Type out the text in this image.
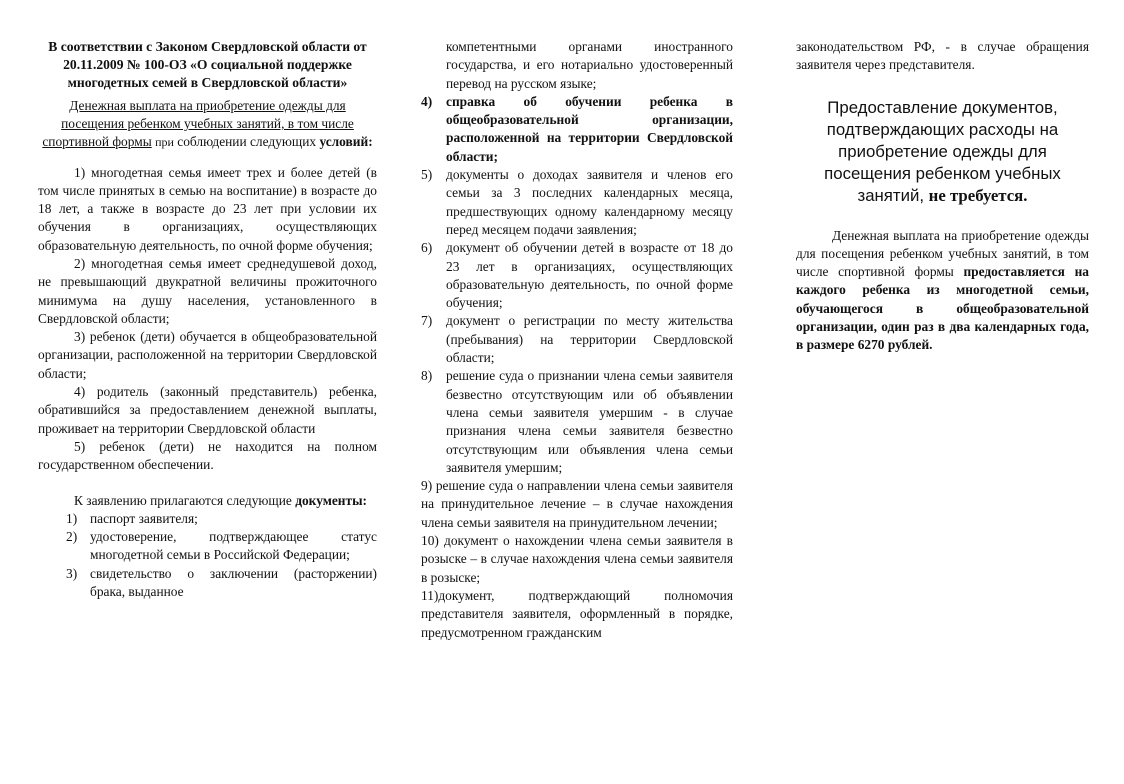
В соответствии с Законом Свердловской области от 20.11.2009 № 100-ОЗ «О социальной поддержке многодетных семей в Свердловской области»

Денежная выплата на приобретение одежды для посещения ребенком учебных занятий, в том числе спортивной формы при соблюдении следующих условий:

1) многодетная семья имеет трех и более детей (в том числе принятых в семью на воспитание) в возрасте до 18 лет, а также в возрасте до 23 лет при условии их обучения в организациях, осуществляющих образовательную деятельность, по очной форме обучения;

2) многодетная семья имеет среднедушевой доход, не превышающий двукратной величины прожиточного минимума на душу населения, установленного в Свердловской области;

3) ребенок (дети) обучается в общеобразовательной организации, расположенной на территории Свердловской области;

4) родитель (законный представитель) ребенка, обратившийся за предоставлением денежной выплаты, проживает на территории Свердловской области

5) ребенок (дети) не находится на полном государственном обеспечении.

К заявлению прилагаются следующие документы:

1) паспорт заявителя;
2) удостоверение, подтверждающее статус многодетной семьи в Российской Федерации;
3) свидетельство о заключении (расторжении) брака, выданное

компетентными органами иностранного государства, и его нотариально удостоверенный перевод на русском языке;

4) справка об обучении ребенка в общеобразовательной организации, расположенной на территории Свердловской области;
5) документы о доходах заявителя и членов его семьи за 3 последних календарных месяца, предшествующих одному календарному месяцу перед месяцем подачи заявления;
6) документ об обучении детей в возрасте от 18 до 23 лет в организациях, осуществляющих образовательную деятельность, по очной форме обучения;
7) документ о регистрации по месту жительства (пребывания) на территории Свердловской области;
8) решение суда о признании члена семьи заявителя безвестно отсутствующим или об объявлении члена семьи заявителя умершим - в случае признания члена семьи заявителя безвестно отсутствующим или объявления члена семьи заявителя умершим;

9) решение суда о направлении члена семьи заявителя на принудительное лечение – в случае нахождения члена семьи заявителя на принудительном лечении;

10) документ о нахождении члена семьи заявителя в розыске – в случае нахождения члена семьи заявителя в розыске;

11)документ, подтверждающий полномочия представителя заявителя, оформленный в порядке, предусмотренном гражданским

законодательством РФ, - в случае обращения заявителя через представителя.

Предоставление документов, подтверждающих расходы на приобретение одежды для посещения ребенком учебных занятий, не требуется.

Денежная выплата на приобретение одежды для посещения ребенком учебных занятий, в том числе спортивной формы предоставляется на каждого ребенка из многодетной семьи, обучающегося в общеобразовательной организации, один раз в два календарных года, в размере 6270 рублей.
